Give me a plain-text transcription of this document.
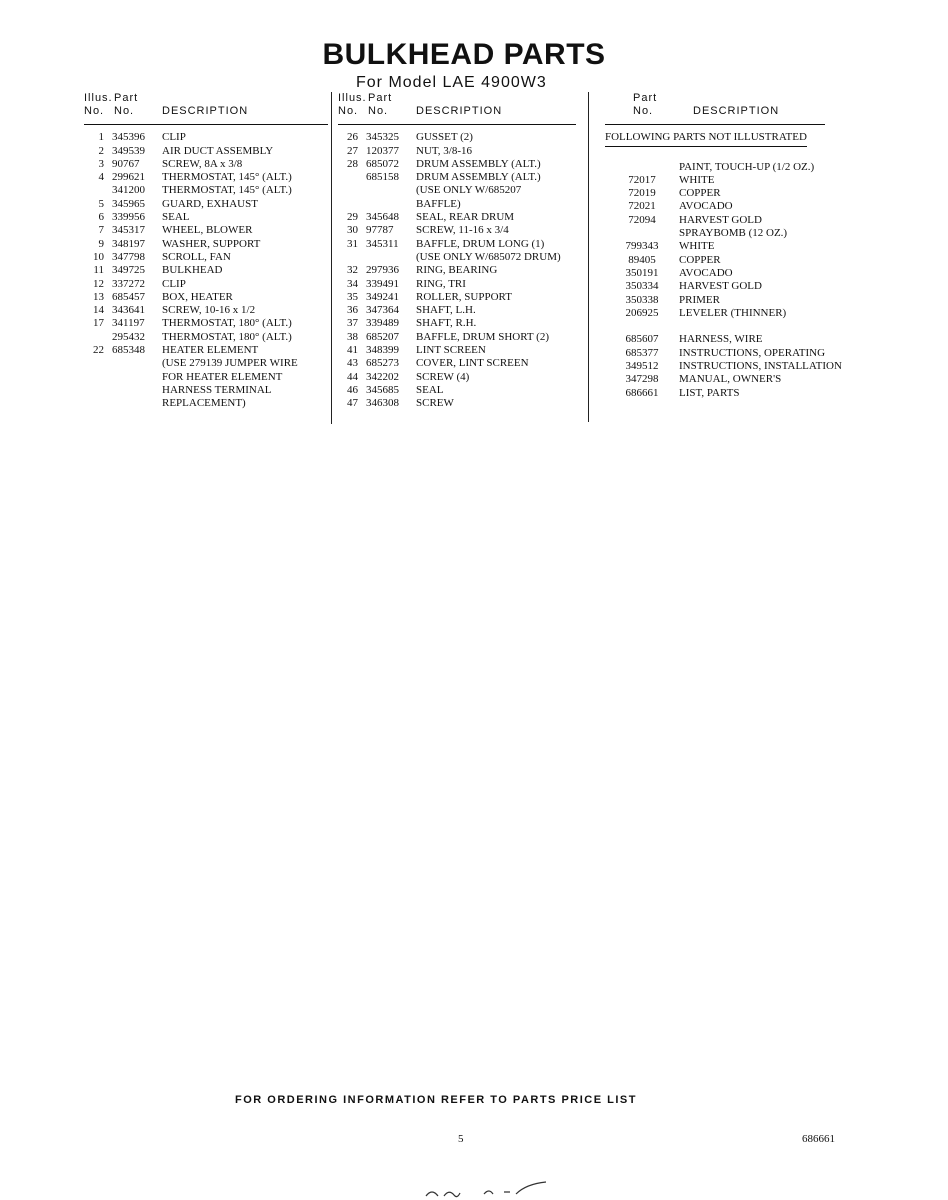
BULKHEAD PARTS
For Model LAE 4900W3
Illus.Part
No. No.	DESCRIPTION
1 345396	CLIP
2 349539	AIR DUCT ASSEMBLY
3 90767	SCREW, 8A x 3/8
4 299621	THERMOSTAT, 145° (ALT.)
341200	THERMOSTAT, 145° (ALT.)
5 345965	GUARD, EXHAUST
6 339956	SEAL
7 345317	WHEEL, BLOWER
9 348197	WASHER, SUPPORT
10 347798	SCROLL, FAN
11 349725	BULKHEAD
12 337272	CLIP
13 685457	BOX, HEATER
14 343641	SCREW, 10-16 x 1/2
17 341197	THERMOSTAT, 180° (ALT.)
295432	THERMOSTAT, 180° (ALT.)
22 685348	HEATER ELEMENT
(USE 279139 JUMPER WIRE
FOR HEATER ELEMENT
HARNESS TERMINAL
REPLACEMENT)
Illus.Part
No. No.	DESCRIPTION
26 345325	GUSSET (2)
27 120377	NUT, 3/8-16
28 685072	DRUM ASSEMBLY (ALT.)
685158	DRUM ASSEMBLY (ALT.)
(USE ONLY W/685207
BAFFLE)
29 345648	SEAL, REAR DRUM
30 97787	SCREW, 11-16 x 3/4
31 345311	BAFFLE, DRUM LONG (1)
(USE ONLY W/685072 DRUM)
32 297936	RING, BEARING
34 339491	RING, TRI
35 349241	ROLLER, SUPPORT
36 347364	SHAFT, L.H.
37 339489	SHAFT, R.H.
38 685207	BAFFLE, DRUM SHORT (2)
41 348399	LINT SCREEN
43 685273	COVER, LINT SCREEN
44 342202	SCREW (4)
46 345685	SEAL
47 346308	SCREW
Part
No.	DESCRIPTION
FOLLOWING PARTS NOT ILLUSTRATED
PAINT, TOUCH-UP (1/2 OZ.)
72017	WHITE
72019	COPPER
72021	AVOCADO
72094	HARVEST GOLD
SPRAYBOMB (12 OZ.)
799343	WHITE
89405	COPPER
350191	AVOCADO
350334	HARVEST GOLD
350338	PRIMER
206925	LEVELER (THINNER)
685607	HARNESS, WIRE
685377	INSTRUCTIONS, OPERATING
349512	INSTRUCTIONS, INSTALLATION
347298	MANUAL, OWNER'S
686661	LIST, PARTS
FOR ORDERING INFORMATION REFER TO PARTS PRICE LIST
5	686661
